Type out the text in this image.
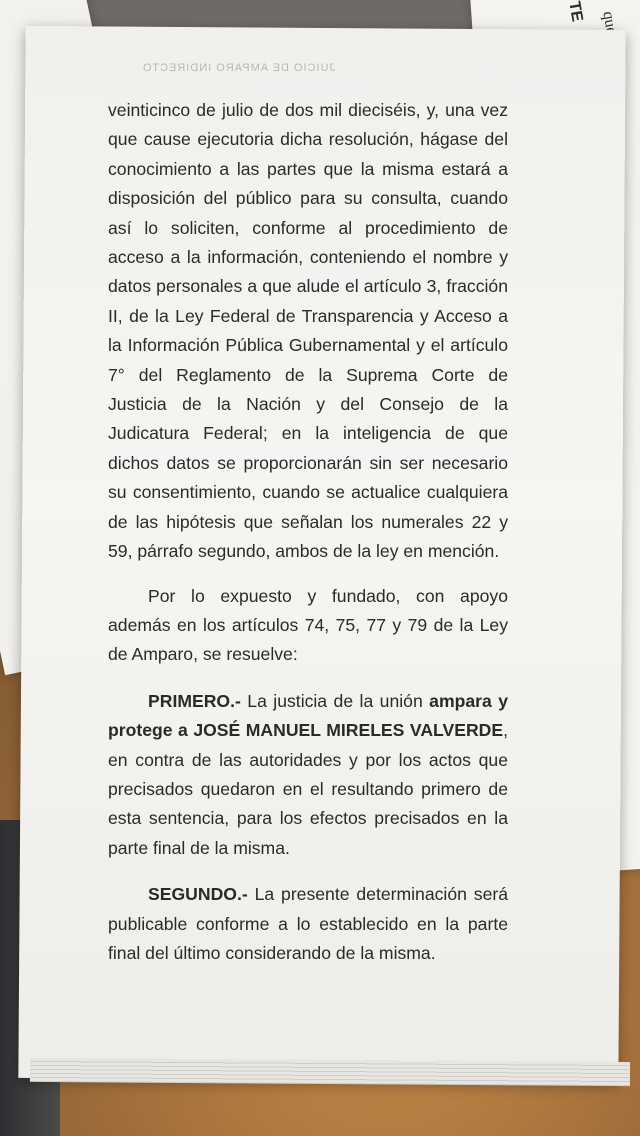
TE
JUICIO DE AMPARO INDIRECTO

veinticinco de julio de dos mil dieciséis, y, una vez que cause ejecutoria dicha resolución, hágase del conocimiento a las partes que la misma estará a disposición del público para su consulta, cuando así lo soliciten, conforme al procedimiento de acceso a la información, conteniendo el nombre y datos personales a que alude el artículo 3, fracción II, de la Ley Federal de Transparencia y Acceso a la Información Pública Gubernamental y el artículo 7° del Reglamento de la Suprema Corte de Justicia de la Nación y del Consejo de la Judicatura Federal; en la inteligencia de que dichos datos se proporcionarán sin ser necesario su consentimiento, cuando se actualice cualquiera de las hipótesis que señalan los numerales 22 y 59, párrafo segundo, ambos de la ley en mención.

Por lo expuesto y fundado, con apoyo además en los artículos 74, 75, 77 y 79 de la Ley de Amparo, se resuelve:

PRIMERO.- La justicia de la unión ampara y protege a JOSÉ MANUEL MIRELES VALVERDE, en contra de las autoridades y por los actos que precisados quedaron en el resultando primero de esta sentencia, para los efectos precisados en la parte final de la misma.

SEGUNDO.- La presente determinación será publicable conforme a lo establecido en la parte final del último considerando de la misma.
